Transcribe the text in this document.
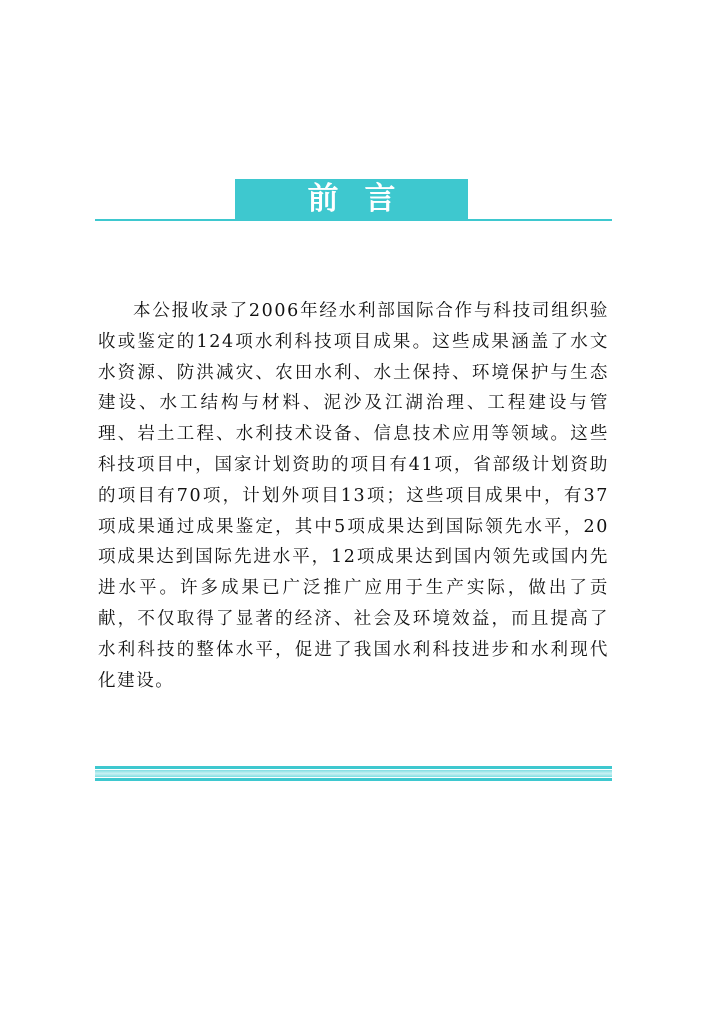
前言

本公报收录了2006年经水利部国际合作与科技司组织验收或鉴定的124项水利科技项目成果。这些成果涵盖了水文水资源、防洪减灾、农田水利、水土保持、环境保护与生态建设、水工结构与材料、泥沙及江湖治理、工程建设与管理、岩土工程、水利技术设备、信息技术应用等领域。这些科技项目中，国家计划资助的项目有41项，省部级计划资助的项目有70项，计划外项目13项；这些项目成果中，有37项成果通过成果鉴定，其中5项成果达到国际领先水平，20项成果达到国际先进水平，12项成果达到国内领先或国内先进水平。许多成果已广泛推广应用于生产实际，做出了贡献，不仅取得了显著的经济、社会及环境效益，而且提高了水利科技的整体水平，促进了我国水利科技进步和水利现代化建设。
